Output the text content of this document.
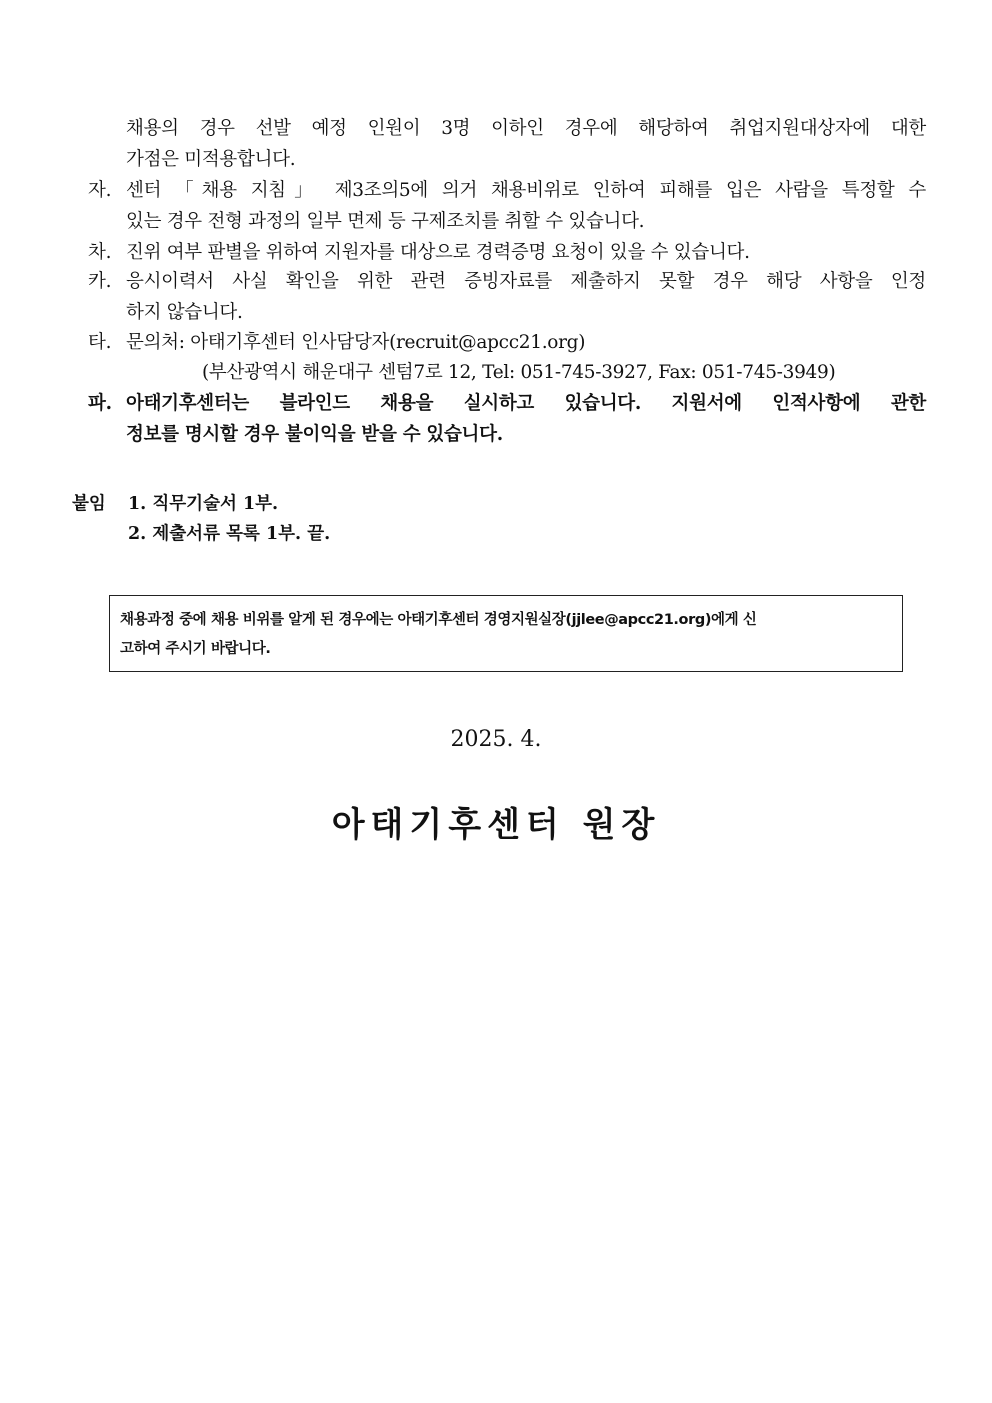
채용의 경우 선발 예정 인원이 3명 이하인 경우에 해당하여 취업지원대상자에 대한
가점은 미적용합니다.
자. 센터 「채용 지침」 제3조의5에 의거 채용비위로 인하여 피해를 입은 사람을 특정할 수
있는 경우 전형 과정의 일부 면제 등 구제조치를 취할 수 있습니다.
차. 진위 여부 판별을 위하여 지원자를 대상으로 경력증명 요청이 있을 수 있습니다.
카. 응시이력서 사실 확인을 위한 관련 증빙자료를 제출하지 못할 경우 해당 사항을 인정
하지 않습니다.
타. 문의처: 아태기후센터 인사담당자(recruit@apcc21.org)
(부산광역시 해운대구 센텀7로 12, Tel: 051-745-3927, Fax: 051-745-3949)
파. 아태기후센터는 블라인드 채용을 실시하고 있습니다. 지원서에 인적사항에 관한
정보를 명시할 경우 불이익을 받을 수 있습니다.
붙임 1. 직무기술서 1부.
2. 제출서류 목록 1부. 끝.
채용과정 중에 채용 비위를 알게 된 경우에는 아태기후센터 경영지원실장(jjlee@apcc21.org)에게 신
고하여 주시기 바랍니다.
2025. 4.
아태기후센터 원장
